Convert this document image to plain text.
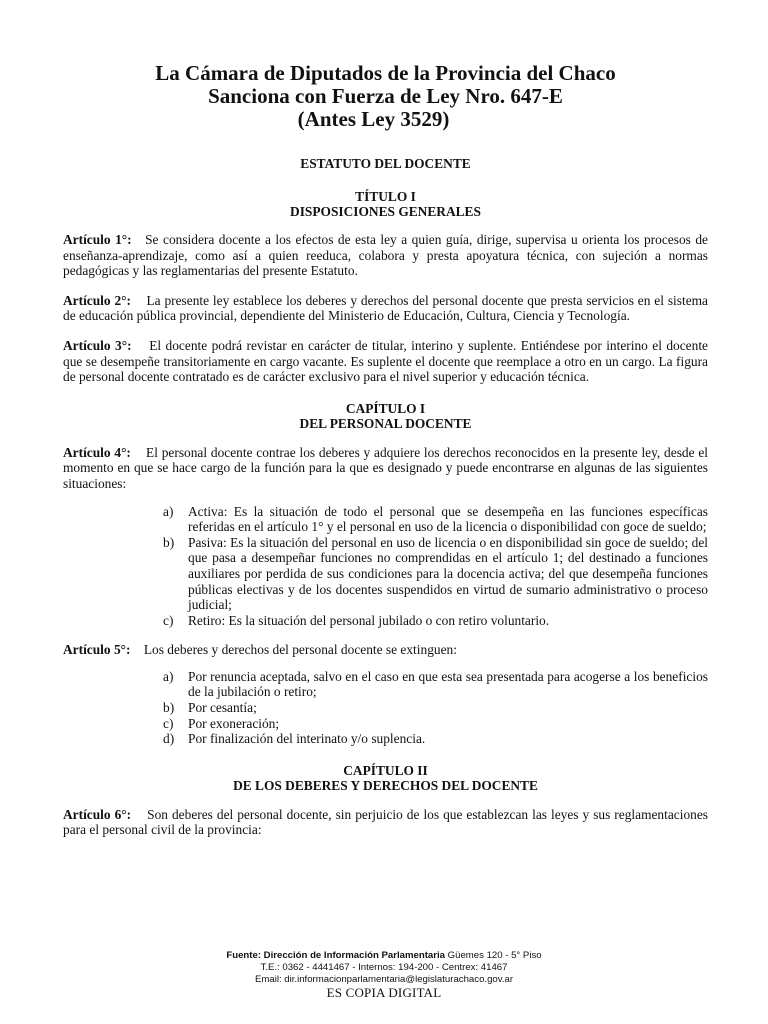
La Cámara de Diputados de la Provincia del Chaco
Sanciona con Fuerza de Ley Nro. 647-E
(Antes Ley 3529)
ESTATUTO DEL DOCENTE
TÍTULO I
DISPOSICIONES GENERALES

Artículo 1°: Se considera docente a los efectos de esta ley a quien guía, dirige, supervisa u orienta los procesos de enseñanza-aprendizaje, como así a quien reeduca, colabora y presta apoyatura técnica, con sujeción a normas pedagógicas y las reglamentarias del presente Estatuto.

Artículo 2°: La presente ley establece los deberes y derechos del personal docente que presta servicios en el sistema de educación pública provincial, dependiente del Ministerio de Educación, Cultura, Ciencia y Tecnología.

Artículo 3°: El docente podrá revistar en carácter de titular, interino y suplente. Entiéndese por interino el docente que se desempeñe transitoriamente en cargo vacante. Es suplente el docente que reemplace a otro en un cargo. La figura de personal docente contratado es de carácter exclusivo para el nivel superior y educación técnica.

CAPÍTULO I
DEL PERSONAL DOCENTE

Artículo 4°: El personal docente contrae los deberes y adquiere los derechos reconocidos en la presente ley, desde el momento en que se hace cargo de la función para la que es designado y puede encontrarse en algunas de las siguientes situaciones:

a) Activa: Es la situación de todo el personal que se desempeña en las funciones específicas referidas en el artículo 1° y el personal en uso de la licencia o disponibilidad con goce de sueldo;
b) Pasiva: Es la situación del personal en uso de licencia o en disponibilidad sin goce de sueldo; del que pasa a desempeñar funciones no comprendidas en el artículo 1; del destinado a funciones auxiliares por perdida de sus condiciones para la docencia activa; del que desempeña funciones públicas electivas y de los docentes suspendidos en virtud de sumario administrativo o proceso judicial;
c) Retiro: Es la situación del personal jubilado o con retiro voluntario.

Artículo 5°: Los deberes y derechos del personal docente se extinguen:

a) Por renuncia aceptada, salvo en el caso en que esta sea presentada para acogerse a los beneficios de la jubilación o retiro;
b) Por cesantía;
c) Por exoneración;
d) Por finalización del interinato y/o suplencia.
CAPÍTULO II
DE LOS DEBERES Y DERECHOS DEL DOCENTE

Artículo 6°: Son deberes del personal docente, sin perjuicio de los que establezcan las leyes y sus reglamentaciones para el personal civil de la provincia:

Fuente: Dirección de Información Parlamentaria Güemes 120 - 5° Piso
T.E.: 0362 - 4441467 - Internos: 194-200 - Centrex: 41467
Email: dir.informacionparlamentaria@legislaturachaco.gov.ar
ES COPIA DIGITAL
